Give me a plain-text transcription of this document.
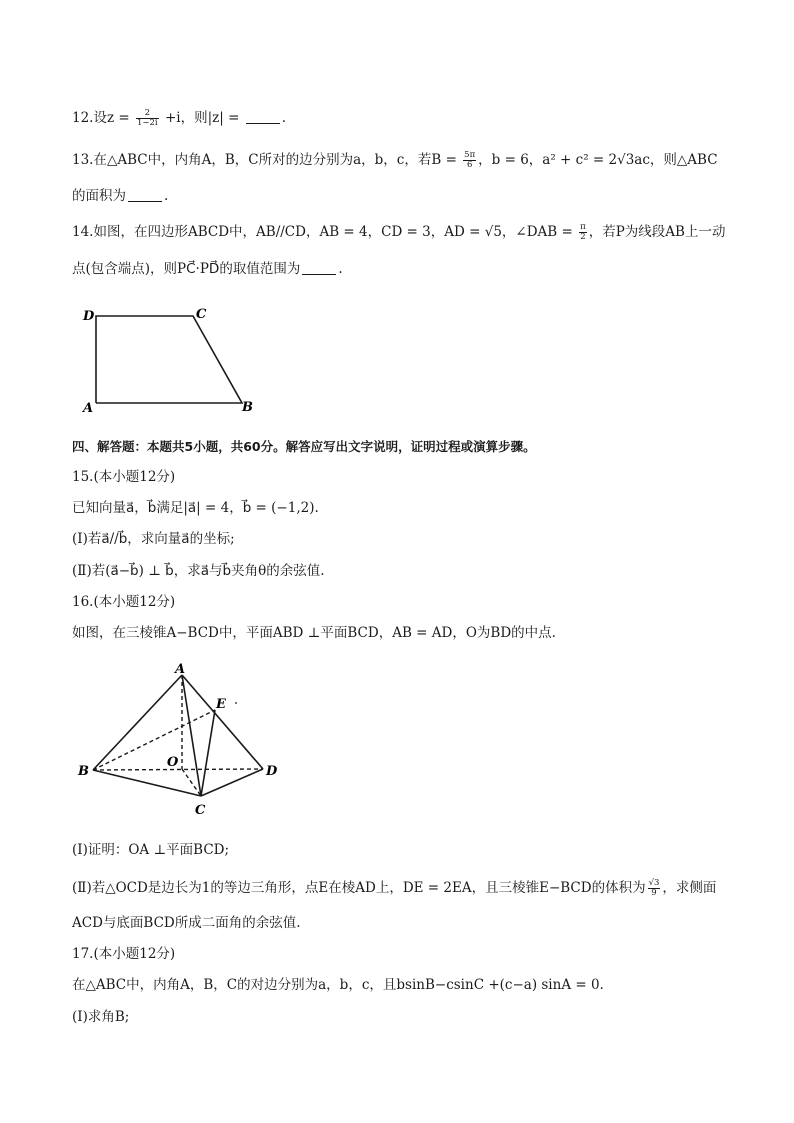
12.设$z = \frac{2}{1-2i} +i$，则|z| =	.
13.在△ABC中，内角A，B，C所对的边分别为a，b，c，若$B = \frac{5\pi}{6}$ ，b = 6，a² + c² = 2√3ac，则△ABC
的面积为	.
14.如图，在四边形ABCD中，AB//CD，AB = 4，CD = 3，AD = √5，∠DAB = $\frac{\pi}{2}$ ，若P为线段AB上一动
点(包含端点)，则PC⃗·PD⃗的取值范围为	.
D	C
A	B
四、解答题：本题共5小题，共60分。解答应写出文字说明，证明过程或演算步骤。
15.(本小题12分)
已知向量a⃗，b⃗满足|a⃗| = 4，b⃗ = (−1,2).
(Ⅰ)若a⃗//b⃗，求向量a⃗的坐标;
(Ⅱ)若(a⃗−b⃗) ⊥ b⃗，求a⃗与b⃗夹角θ的余弦值.
16.(本小题12分)
如图，在三棱锥A−BCD中，平面ABD ⊥平面BCD，AB = AD，O为BD的中点.
A
E
B
O
D
C
(Ⅰ)证明：OA ⊥平面BCD;
(Ⅱ)若△OCD是边长为1的等边三角形，点E在棱AD上，DE = 2EA，且三棱锥E−BCD的体积为 $\frac{√3}{9}$ ，求侧面
ACD与底面BCD所成二面角的余弦值.
17.(本小题12分)
在△ABC中，内角A，B，C的对边分别为a，b，c，且bsinB−csinC +(c−a) sinA = 0.
(Ⅰ)求角B;
